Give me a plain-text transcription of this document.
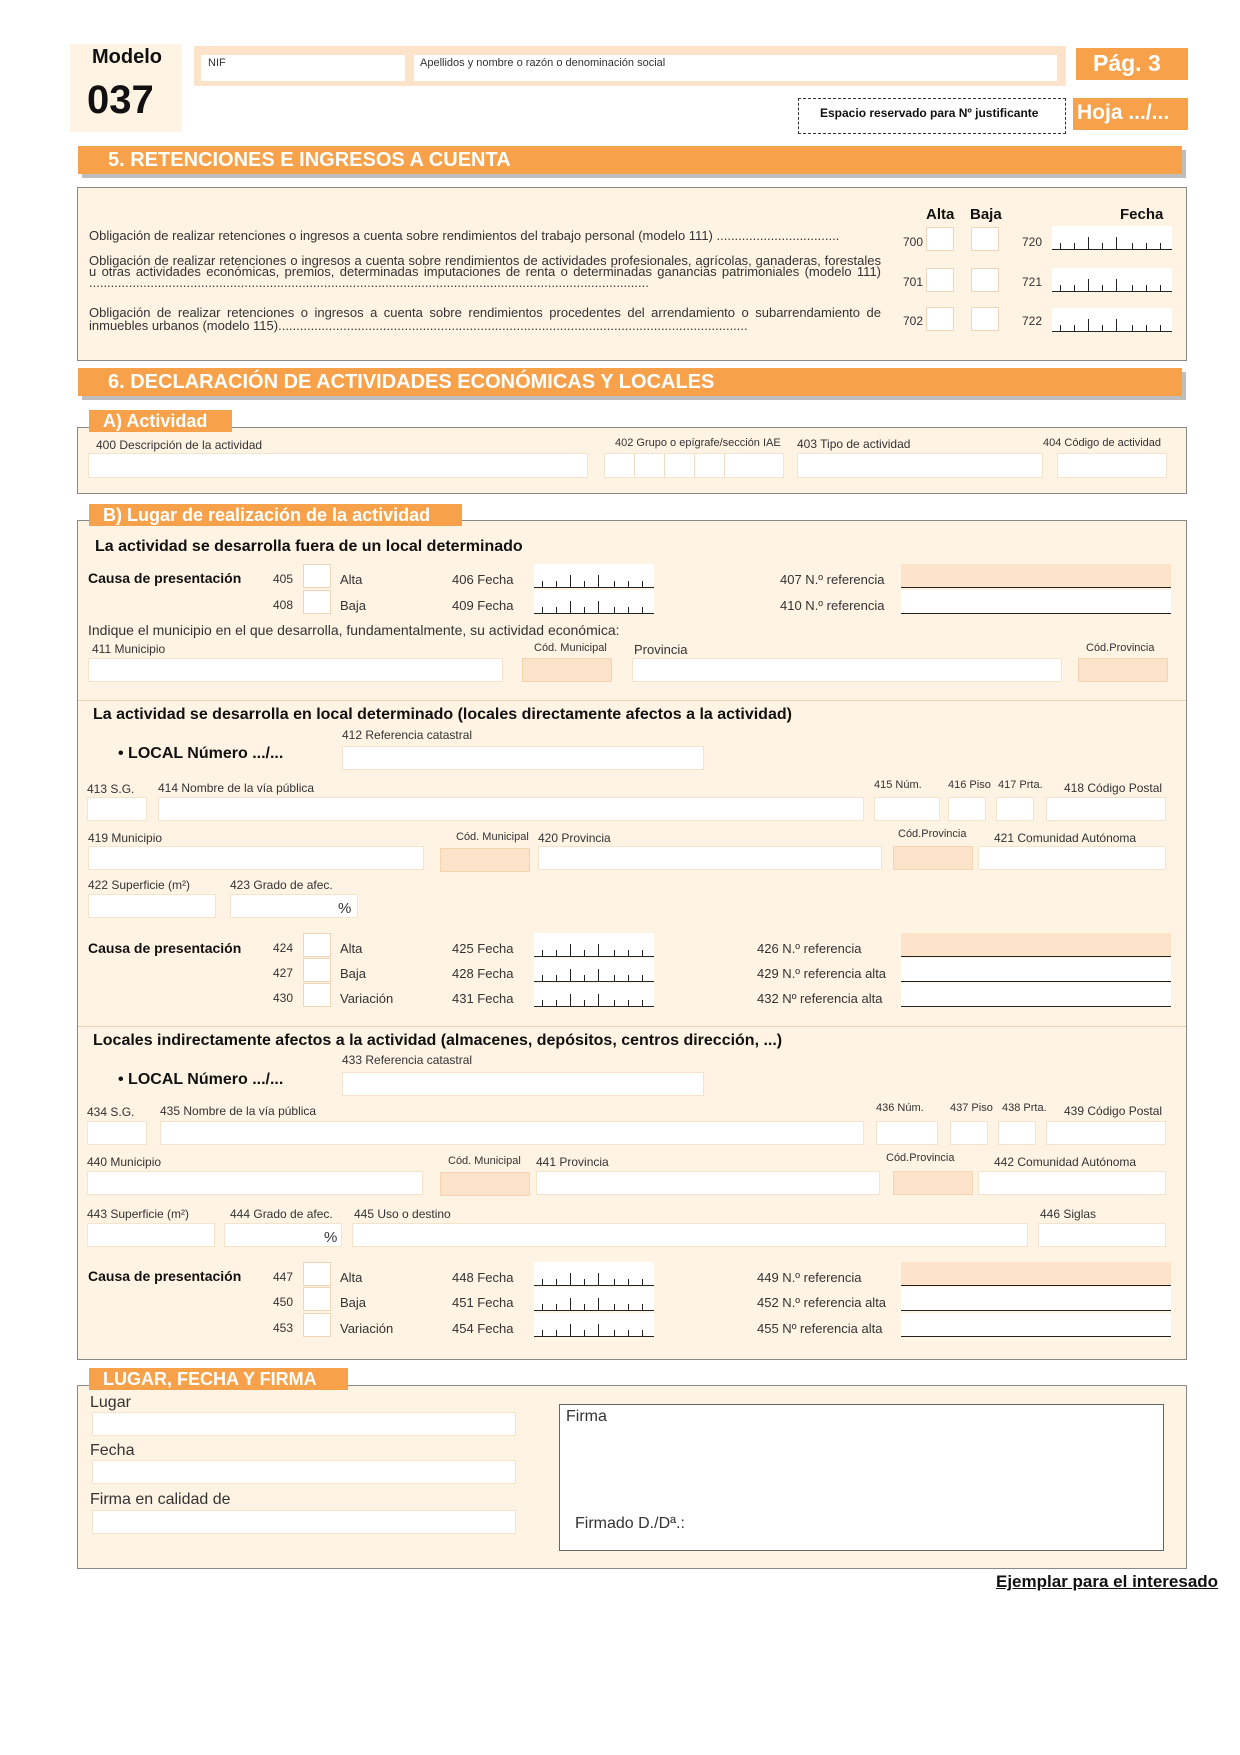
Modelo
037
NIF	Apellidos y nombre o razón o denominación social	Pág. 3
Espacio reservado para Nº justificante Hoja .../...
5. RETENCIONES E INGRESOS A CUENTA
Alta Baja	Fecha
Obligación de realizar retenciones o ingresos a cuenta sobre rendimientos del trabajo personal (modelo 111) ..................................	700	720
Obligación de realizar retenciones o ingresos a cuenta sobre rendimientos de actividades profesionales, agrícolas, ganaderas, forestales u otras actividades económicas, premios, determinadas imputaciones de renta o determinadas ganancias patrimoniales (modelo 111) ...........................................................................................................................................................	701	721
Obligación de realizar retenciones o ingresos a cuenta sobre rendimientos procedentes del arrendamiento o subarrendamiento de inmuebles urbanos (modelo 115)..................................................................................................................................	702	722
6. DECLARACIÓN DE ACTIVIDADES ECONÓMICAS Y LOCALES
A) Actividad
400 Descripción de la actividad	402 Grupo o epígrafe/sección IAE 403 Tipo de actividad	404 Código de actividad
B) Lugar de realización de la actividad
La actividad se desarrolla fuera de un local determinado
Causa de presentación	405	Alta	406 Fecha	407 N.º referencia
408	Baja	409 Fecha	410 N.º referencia
Indique el municipio en el que desarrolla, fundamentalmente, su actividad económica:
411 Municipio	Cód. Municipal Provincia	Cód.Provincia
La actividad se desarrolla en local determinado (locales directamente afectos a la actividad)
412 Referencia catastral
• LOCAL Número .../...
413 S.G. 414 Nombre de la vía pública	415 Núm. 416 Piso 417 Prta. 418 Código Postal
419 Municipio	Cód. Municipal 420 Provincia	Cód.Provincia 421 Comunidad Autónoma
422 Superficie (m²)	423 Grado de afec.
%
Causa de presentación	424	Alta	425 Fecha	426 N.º referencia
427	Baja	428 Fecha	429 N.º referencia alta
430	Variación	431 Fecha	432 Nº referencia alta
Locales indirectamente afectos a la actividad (almacenes, depósitos, centros dirección, ...)
433 Referencia catastral
• LOCAL Número .../...
434 S.G. 435 Nombre de la vía pública	436 Núm. 437 Piso 438 Prta. 439 Código Postal
440 Municipio	Cód. Municipal 441 Provincia	Cód.Provincia	442 Comunidad Autónoma
443 Superficie (m²)	444 Grado de afec.
%
445 Uso o destino	446 Siglas
Causa de presentación	447	Alta	448 Fecha	449 N.º referencia
450	Baja	451 Fecha	452 N.º referencia alta
453	Variación	454 Fecha	455 Nº referencia alta
LUGAR, FECHA Y FIRMA
Lugar
Fecha
Firma en calidad de
Firma
Firmado D./Dª.:
Ejemplar para el interesado
